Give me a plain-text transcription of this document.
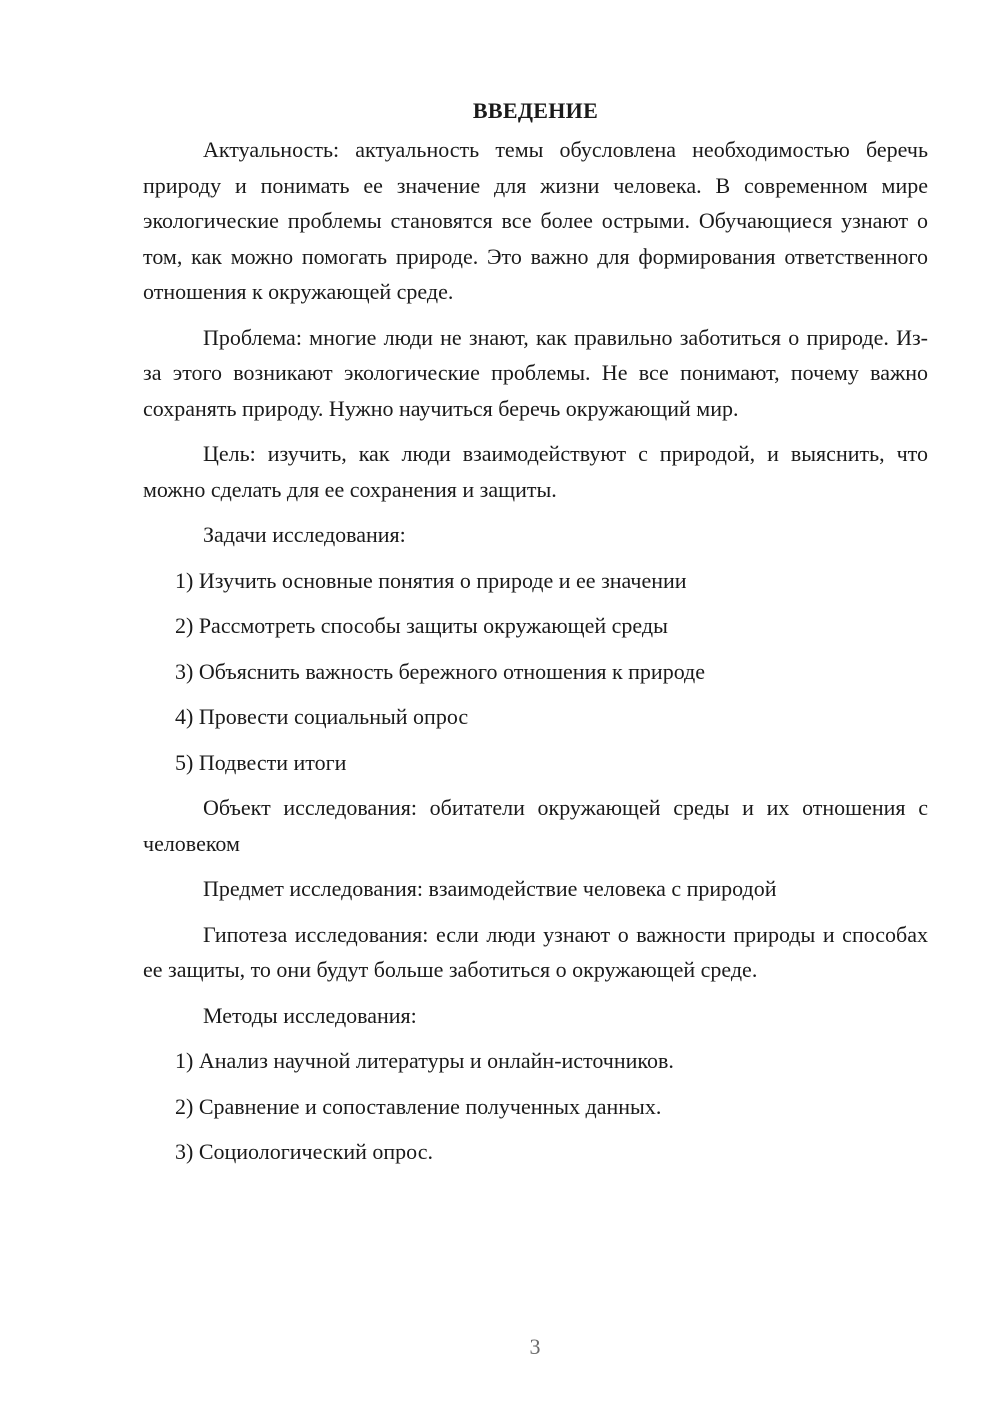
ВВЕДЕНИЕ

Актуальность: актуальность темы обусловлена необходимостью беречь природу и понимать ее значение для жизни человека. В современном мире экологические проблемы становятся все более острыми. Обучающиеся узнают о том, как можно помогать природе. Это важно для формирования ответственного отношения к окружающей среде.

Проблема: многие люди не знают, как правильно заботиться о природе. Из-за этого возникают экологические проблемы. Не все понимают, почему важно сохранять природу. Нужно научиться беречь окружающий мир.

Цель: изучить, как люди взаимодействуют с природой, и выяснить, что можно сделать для ее сохранения и защиты.

Задачи исследования:

1) Изучить основные понятия о природе и ее значении

2) Рассмотреть способы защиты окружающей среды

3) Объяснить важность бережного отношения к природе

4) Провести социальный опрос

5) Подвести итоги

Объект исследования: обитатели окружающей среды и их отношения с человеком

Предмет исследования: взаимодействие человека с природой

Гипотеза исследования: если люди узнают о важности природы и способах ее защиты, то они будут больше заботиться о окружающей среде.

Методы исследования:

1) Анализ научной литературы и онлайн-источников.

2) Сравнение и сопоставление полученных данных.

3) Социологический опрос.

3
